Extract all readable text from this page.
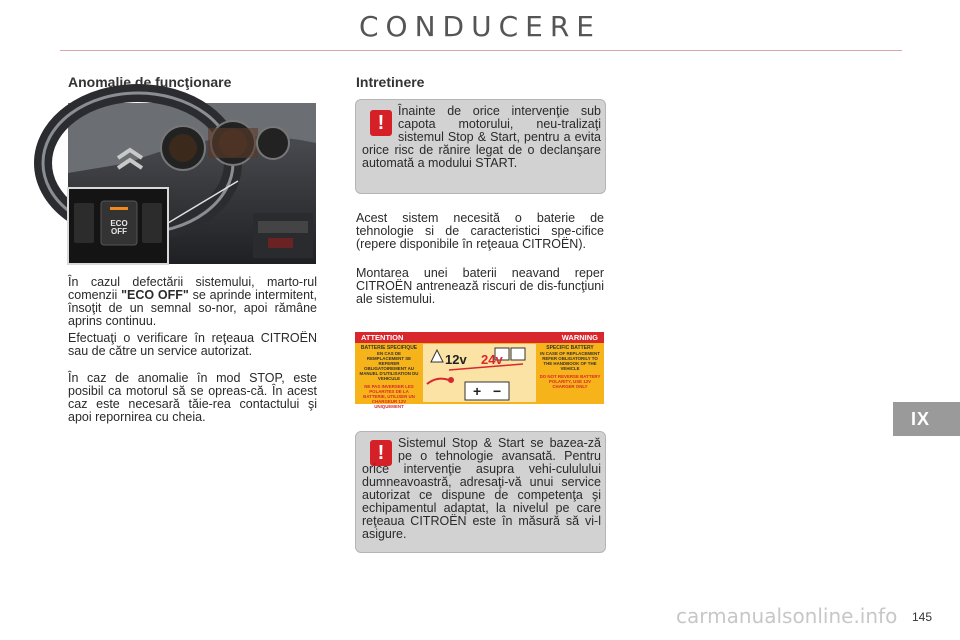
CONDUCERE
Anomalie de funcţionare
ECO
OFF
În cazul defectării sistemului, marto-rul comenzii "ECO OFF" se aprinde intermitent, însoţit de un semnal so-nor, apoi rămâne aprins continuu.
Efectuaţi o verificare în reţeaua CITROËN sau de către un service autorizat.
În caz de anomalie în mod STOP, este posibil ca motorul să se opreas-că. În acest caz este necesară tăie-rea contactului şi apoi repornirea cu cheia.
Intretinere
!
Înainte de orice intervenţie sub capota motorului, neu-tralizaţi sistemul Stop & Start, pentru a evita orice risc de rănire legat de o declanşare automată a modului START.
Acest sistem necesită o baterie de tehnologie si de caracteristici spe-cifice (repere disponibile în reţeaua CITROËN).
Montarea unei baterii neavand reper CITROËN antrenează riscuri de dis-funcţiuni ale sistemului.
ATTENTION	WARNING
BATTERIE SPECIFIQUE
EN CAS DE REMPLACEMENT SE REFERER OBLIGATOIREMENT AU MANUEL D'UTILISATION DU VEHICULE
NE PAS INVERSER LES POLARITES DE LA BATTERIE, UTILISER UN CHARGEUR 12V UNIQUEMENT
SPECIFIC BATTERY
IN CASE OF REPLACEMENT REFER OBLIGATORILY TO THE HANDBOOK OF THE VEHICLE
DO NOT REVERSE BATTERY POLARITY, USE 12V CHARGER ONLY
12v 24v
+ −
!	Sistemul Stop & Start se bazea-ză pe o tehnologie avansată. Pentru orice intervenţie asupra vehi-cululului dumneavoastră, adresaţi-vă unui service autorizat ce dispune de competenţa şi echipamentul adaptat, la nivelul pe care reţeaua CITROËN este în măsură să vi-l asigure.
IX
carmanualsonline.info 145
